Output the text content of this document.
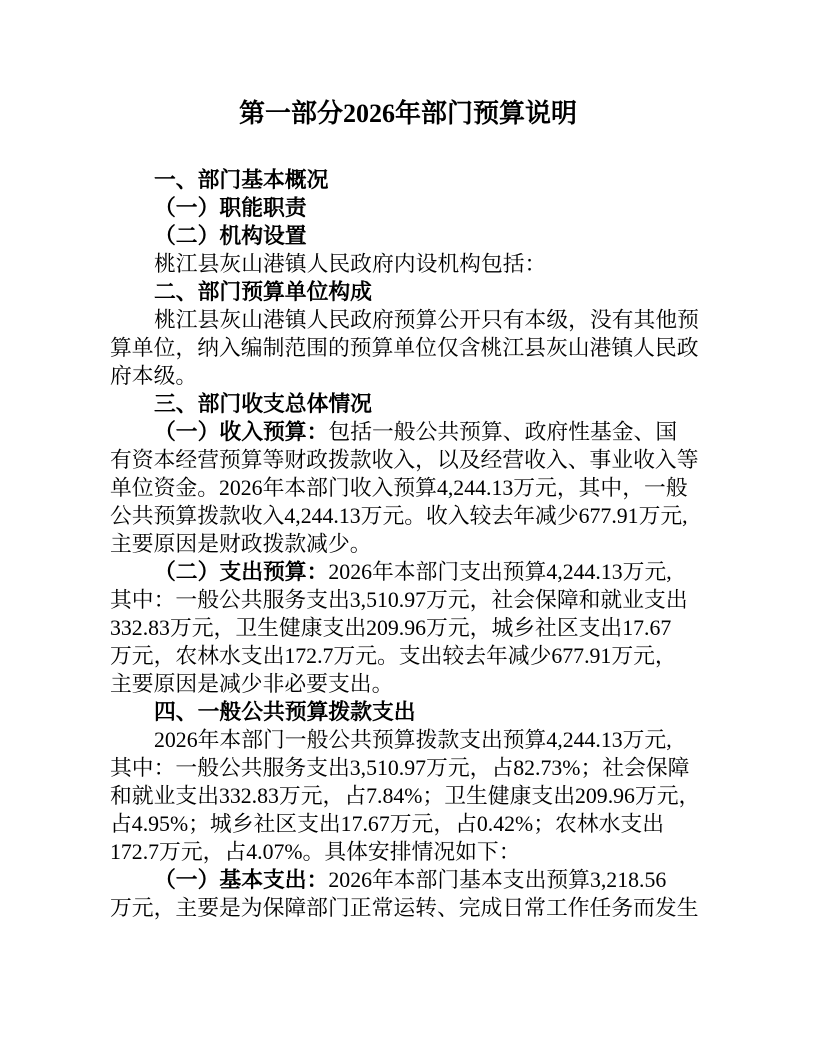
第一部分2026年部门预算说明
一、部门基本概况
（一）职能职责
（二）机构设置
桃江县灰山港镇人民政府内设机构包括：
二、部门预算单位构成
桃江县灰山港镇人民政府预算公开只有本级，没有其他预
算单位，纳入编制范围的预算单位仅含桃江县灰山港镇人民政
府本级。
三、部门收支总体情况
（一）收入预算：包括一般公共预算、政府性基金、国
有资本经营预算等财政拨款收入，以及经营收入、事业收入等
单位资金。2026年本部门收入预算4,244.13万元，其中，一般
公共预算拨款收入4,244.13万元。收入较去年减少677.91万元,
主要原因是财政拨款减少。
（二）支出预算：2026年本部门支出预算4,244.13万元,
其中：一般公共服务支出3,510.97万元，社会保障和就业支出
332.83万元，卫生健康支出209.96万元，城乡社区支出17.67
万元，农林水支出172.7万元。支出较去年减少677.91万元，
主要原因是减少非必要支出。
四、一般公共预算拨款支出
2026年本部门一般公共预算拨款支出预算4,244.13万元,
其中：一般公共服务支出3,510.97万元，占82.73%；社会保障
和就业支出332.83万元，占7.84%；卫生健康支出209.96万元，
占4.95%；城乡社区支出17.67万元，占0.42%；农林水支出
172.7万元，占4.07%。具体安排情况如下：
（一）基本支出：2026年本部门基本支出预算3,218.56
万元，主要是为保障部门正常运转、完成日常工作任务而发生
